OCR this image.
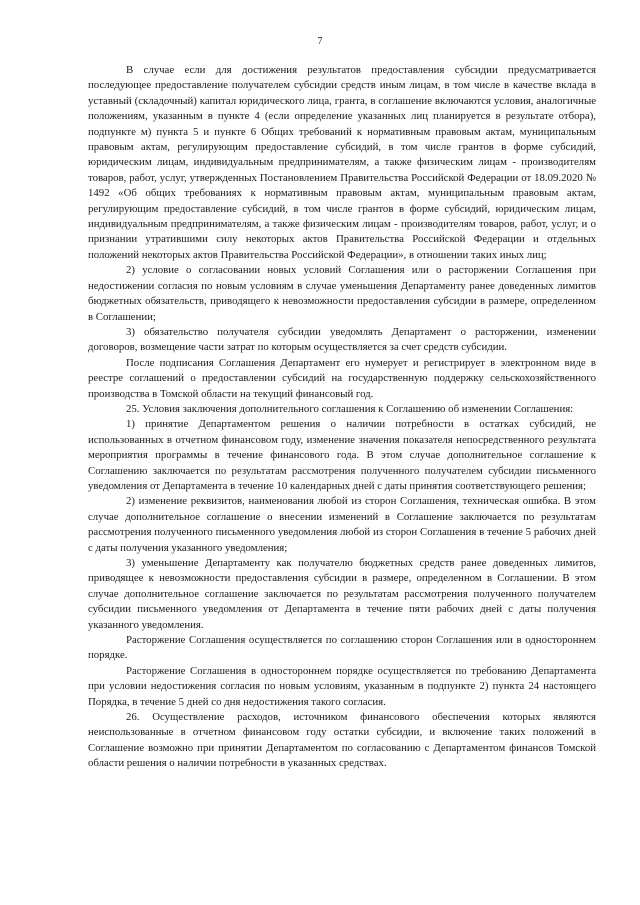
7

В случае если для достижения результатов предоставления субсидии предусматривается последующее предоставление получателем субсидии средств иным лицам, в том числе в качестве вклада в уставный (складочный) капитал юридического лица, гранта, в соглашение включаются условия, аналогичные положениям, указанным в пункте 4 (если определение указанных лиц планируется в результате отбора), подпункте м) пункта 5 и пункте 6 Общих требований к нормативным правовым актам, муниципальным правовым актам, регулирующим предоставление субсидий, в том числе грантов в форме субсидий, юридическим лицам, индивидуальным предпринимателям, а также физическим лицам - производителям товаров, работ, услуг, утвержденных Постановлением Правительства Российской Федерации от 18.09.2020 № 1492 «Об общих требованиях к нормативным правовым актам, муниципальным правовым актам, регулирующим предоставление субсидий, в том числе грантов в форме субсидий, юридическим лицам, индивидуальным предпринимателям, а также физическим лицам - производителям товаров, работ, услуг, и о признании утратившими силу некоторых актов Правительства Российской Федерации и отдельных положений некоторых актов Правительства Российской Федерации», в отношении таких иных лиц;

2) условие о согласовании новых условий Соглашения или о расторжении Соглашения при недостижении согласия по новым условиям в случае уменьшения Департаменту ранее доведенных лимитов бюджетных обязательств, приводящего к невозможности предоставления субсидии в размере, определенном в Соглашении;

3) обязательство получателя субсидии уведомлять Департамент о расторжении, изменении договоров, возмещение части затрат по которым осуществляется за счет средств субсидии.

После подписания Соглашения Департамент его нумерует и регистрирует в электронном виде в реестре соглашений о предоставлении субсидий на государственную поддержку сельскохозяйственного производства в Томской области на текущий финансовый год.

25. Условия заключения дополнительного соглашения к Соглашению об изменении Соглашения:

1) принятие Департаментом решения о наличии потребности в остатках субсидий, не использованных в отчетном финансовом году, изменение значения показателя непосредственного результата мероприятия программы в течение финансового года. В этом случае дополнительное соглашение к Соглашению заключается по результатам рассмотрения полученного получателем субсидии письменного уведомления от Департамента в течение 10 календарных дней с даты принятия соответствующего решения;

2) изменение реквизитов, наименования любой из сторон Соглашения, техническая ошибка. В этом случае дополнительное соглашение о внесении изменений в Соглашение заключается по результатам рассмотрения полученного письменного уведомления любой из сторон Соглашения в течение 5 рабочих дней с даты получения указанного уведомления;

3) уменьшение Департаменту как получателю бюджетных средств ранее доведенных лимитов, приводящее к невозможности предоставления субсидии в размере, определенном в Соглашении. В этом случае дополнительное соглашение заключается по результатам рассмотрения полученного получателем субсидии письменного уведомления от Департамента в течение пяти рабочих дней с даты получения указанного уведомления.

Расторжение Соглашения осуществляется по соглашению сторон Соглашения или в одностороннем порядке.

Расторжение Соглашения в одностороннем порядке осуществляется по требованию Департамента при условии недостижения согласия по новым условиям, указанным в подпункте 2) пункта 24 настоящего Порядка, в течение 5 дней со дня недостижения такого согласия.

26. Осуществление расходов, источником финансового обеспечения которых являются неиспользованные в отчетном финансовом году остатки субсидии, и включение таких положений в Соглашение возможно при принятии Департаментом по согласованию с Департаментом финансов Томской области решения о наличии потребности в указанных средствах.
